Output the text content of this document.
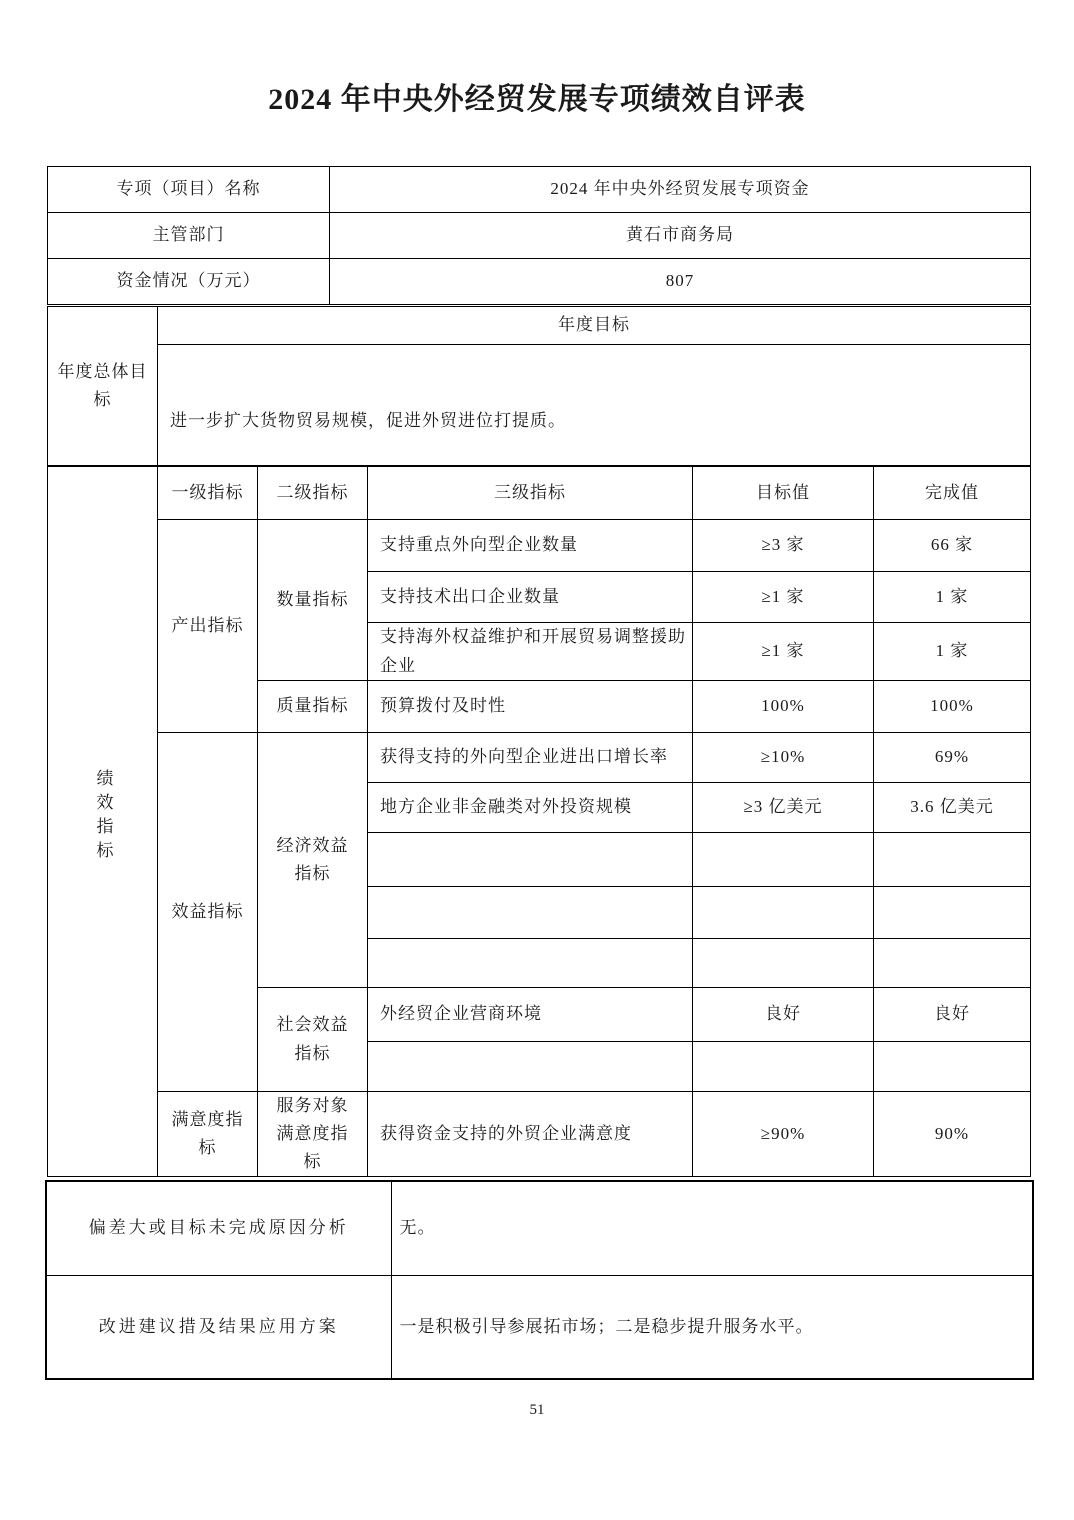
2024 年中央外经贸发展专项绩效自评表
专项（项目）名称	2024 年中央外经贸发展专项资金
主管部门	黄石市商务局
资金情况（万元）	807
年度总体目标	年度目标
进一步扩大货物贸易规模，促进外贸进位打提质。
绩效指标	一级指标	二级指标	三级指标	目标值	完成值
	产出指标	数量指标	支持重点外向型企业数量	≥3 家	66 家
			支持技术出口企业数量	≥1 家	1 家
			支持海外权益维护和开展贸易调整援助企业	≥1 家	1 家
		质量指标	预算拨付及时性	100%	100%
	效益指标	经济效益指标	获得支持的外向型企业进出口增长率	≥10%	69%
			地方企业非金融类对外投资规模	≥3 亿美元	3.6 亿美元

		社会效益指标	外经贸企业营商环境	良好	良好

	满意度指标	服务对象满意度指标	获得资金支持的外贸企业满意度	≥90%	90%
偏差大或目标未完成原因分析	无。
改进建议措及结果应用方案	一是积极引导参展拓市场；二是稳步提升服务水平。
51
